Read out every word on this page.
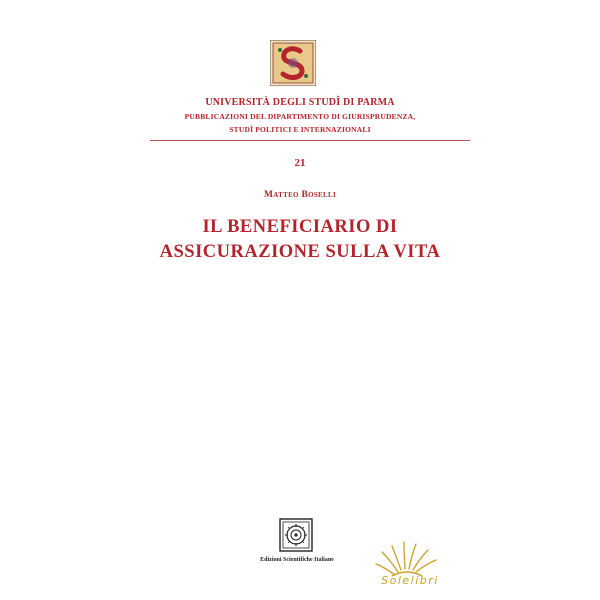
UNIVERSITÀ DEGLI STUDÎ DI PARMA
PUBBLICAZIONI DEL DIPARTIMENTO DI GIURISPRUDENZA,
STUDÎ POLITICI E INTERNAZIONALI
21
Matteo Boselli
IL BENEFICIARIO DI
ASSICURAZIONE SULLA VITA
Edizioni Scientifiche Italiane
Solelibri
